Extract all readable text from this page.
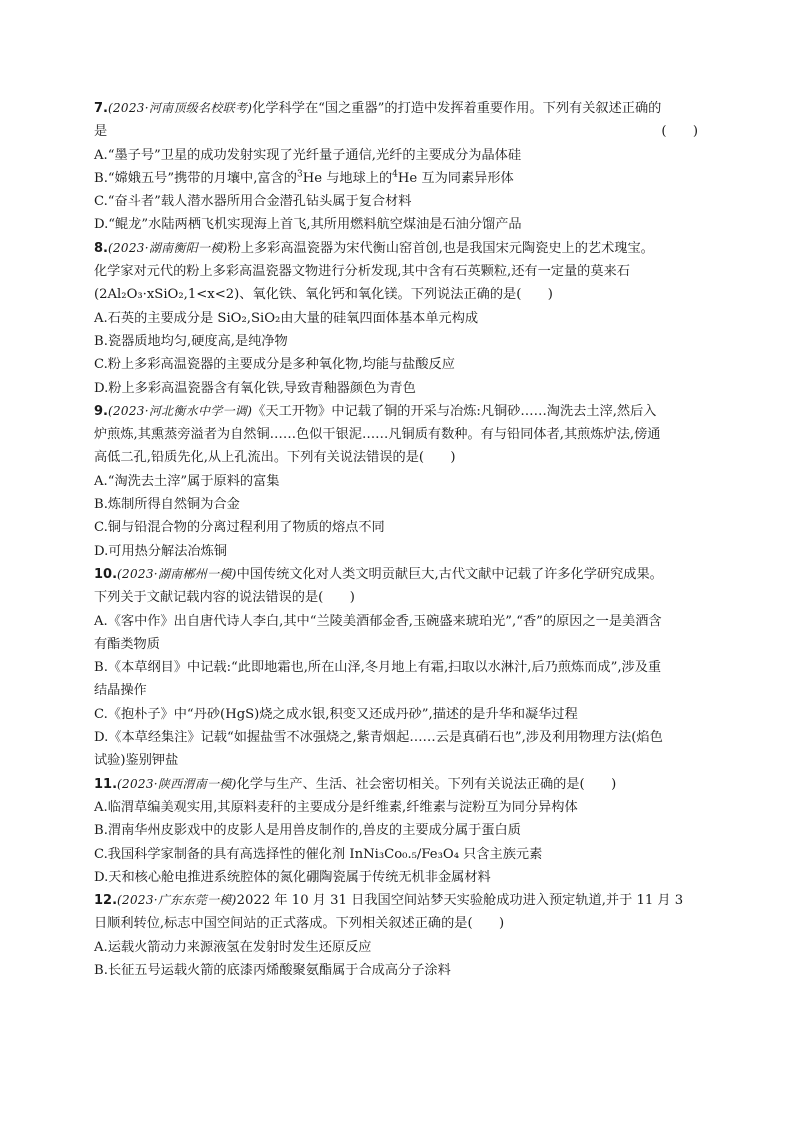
7.(2023·河南顶级名校联考)化学科学在“国之重器”的打造中发挥着重要作用。下列有关叙述正确的
是	(　　)
A.“墨子号”卫星的成功发射实现了光纤量子通信,光纤的主要成分为晶体硅
B.“嫦娥五号”携带的月壤中,富含的$^3$He 与地球上的$^4$He 互为同素异形体
C.“奋斗者”载人潜水器所用合金潜孔钻头属于复合材料
D.“鲲龙”水陆两栖飞机实现海上首飞,其所用燃料航空煤油是石油分馏产品
8.(2023·湖南衡阳一模)粉上多彩高温瓷器为宋代衡山窑首创,也是我国宋元陶瓷史上的艺术瑰宝。
化学家对元代的粉上多彩高温瓷器文物进行分析发现,其中含有石英颗粒,还有一定量的莫来石
(2Al₂O₃·xSiO₂,1<x<2)、氧化铁、氧化钙和氧化镁。下列说法正确的是(　　)
A.石英的主要成分是 SiO₂,SiO₂由大量的硅氧四面体基本单元构成
B.瓷器质地均匀,硬度高,是纯净物
C.粉上多彩高温瓷器的主要成分是多种氧化物,均能与盐酸反应
D.粉上多彩高温瓷器含有氧化铁,导致青釉器颜色为青色
9.(2023·河北衡水中学一调)《天工开物》中记载了铜的开采与冶炼:凡铜砂……淘洗去土滓,然后入
炉煎炼,其熏蒸旁溢者为自然铜……色似干银泥……凡铜质有数种。有与铅同体者,其煎炼炉法,傍通
高低二孔,铅质先化,从上孔流出。下列有关说法错误的是(　　)
A.“淘洗去土滓”属于原料的富集
B.炼制所得自然铜为合金
C.铜与铅混合物的分离过程利用了物质的熔点不同
D.可用热分解法冶炼铜
10.(2023·湖南郴州一模)中国传统文化对人类文明贡献巨大,古代文献中记载了许多化学研究成果。
下列关于文献记载内容的说法错误的是(　　)
A.《客中作》出自唐代诗人李白,其中“兰陵美酒郁金香,玉碗盛来琥珀光”,“香”的原因之一是美酒含
有酯类物质
B.《本草纲目》中记载:“此即地霜也,所在山泽,冬月地上有霜,扫取以水淋汁,后乃煎炼而成”,涉及重
结晶操作
C.《抱朴子》中“丹砂(HgS)烧之成水银,积变又还成丹砂”,描述的是升华和凝华过程
D.《本草经集注》记载“如握盐雪不冰强烧之,紫青烟起……云是真硝石也”,涉及利用物理方法(焰色
试验)鉴别钾盐
11.(2023·陕西渭南一模)化学与生产、生活、社会密切相关。下列有关说法正确的是(　　)
A.临渭草编美观实用,其原料麦秆的主要成分是纤维素,纤维素与淀粉互为同分异构体
B.渭南华州皮影戏中的皮影人是用兽皮制作的,兽皮的主要成分属于蛋白质
C.我国科学家制备的具有高选择性的催化剂 InNi₃Co₀.₅/Fe₃O₄ 只含主族元素
D.天和核心舱电推进系统腔体的氮化硼陶瓷属于传统无机非金属材料
12.(2023·广东东莞一模)2022 年 10 月 31 日我国空间站梦天实验舱成功进入预定轨道,并于 11 月 3
日顺利转位,标志中国空间站的正式落成。下列相关叙述正确的是(　　)
A.运载火箭动力来源液氢在发射时发生还原反应
B.长征五号运载火箭的底漆丙烯酸聚氨酯属于合成高分子涂料
